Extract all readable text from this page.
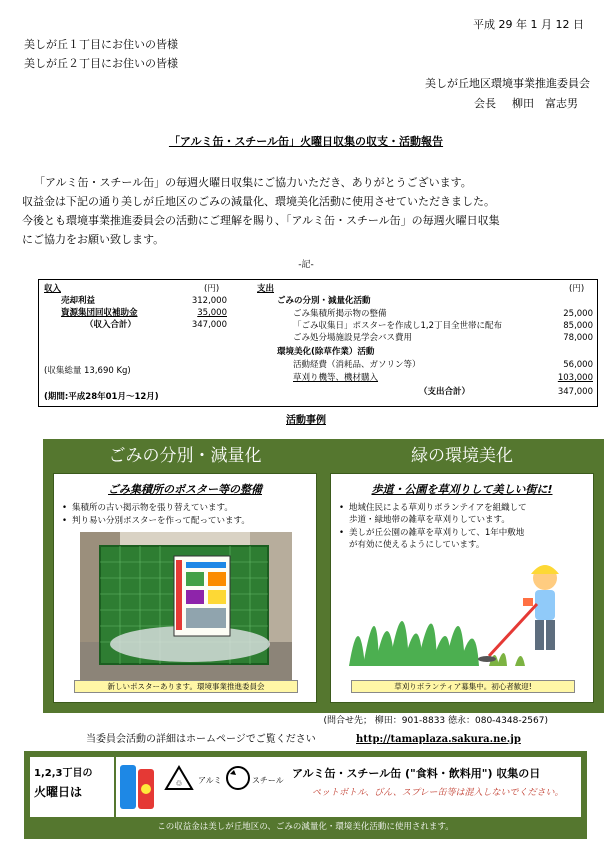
平成 29 年 1 月 12 日
美しが丘１丁目にお住いの皆様
美しが丘２丁目にお住いの皆様
美しが丘地区環境事業推進委員会
会長 柳田　富志男
「アルミ缶・スチール缶」火曜日収集の収支・活動報告
「アルミ缶・スチール缶」の毎週火曜日収集にご協力いただき、ありがとうございます。
収益金は下記の通り美しが丘地区のごみの減量化、環境美化活動に使用させていただきました。
今後とも環境事業推進委員会の活動にご理解を賜り、「アルミ缶・スチール缶」の毎週火曜日収集
にご協力をお願い致します。
-記-
収入	(円)
売却利益	312,000
資源集団回収補助金	35,000
（収入合計）	347,000
(収集総量 13,690 Kg)
(期間:平成28年01月～12月)
支出	(円)
ごみの分別・減量化活動
ごみ集積所掲示物の整備	25,000
「ごみ収集日」ポスターを作成し1,2丁目全世帯に配布	85,000
ごみ処分場施設見学会バス費用	78,000
環境美化(除草作業）活動
活動経費（消耗品、ガソリン等）	56,000
草刈り機等、機材購入	103,000
（支出合計）	347,000
活動事例
ごみの分別・減量化
ごみ集積所のポスター等の整備
• 集積所の古い掲示物を張り替えています。
• 判り易い分別ポスターを作って配っています。
新しいポスターあります。環境事業推進委員会
緑の環境美化
歩道・公園を草刈りして美しい街に!
• 地域住民による草刈りボランテイアを組織して
歩道・緑地帯の雑草を草刈りしています。
• 美しが丘公園の雑草を草刈りして、1年中敷地
が有効に使えるようにしています。
草刈りボランティア募集中。初心者歓迎!
(問合せ先； 柳田：901-8833 徳永：080-4348-2567)
当委員会活動の詳細はホームページでご覧ください	http://tamaplaza.sakura.ne.jp
1,2,3丁目の
火曜日は
♲ アルミ	スチール
アルミ缶・スチール缶 ("食料・飲料用") 収集の日
ペットボトル、びん、スプレー缶等は混入しないでください。
この収益金は美しが丘地区の、ごみの減量化・環境美化活動に使用されます。
